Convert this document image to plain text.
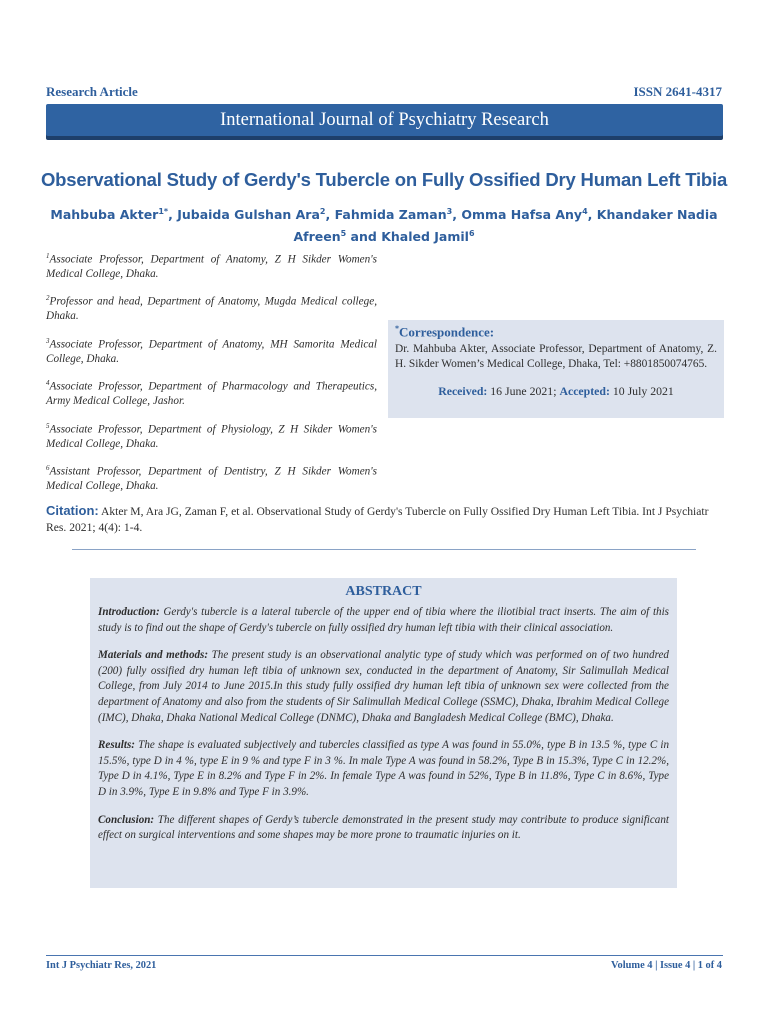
Research Article	ISSN 2641-4317
International Journal of Psychiatry Research
Observational Study of Gerdy's Tubercle on Fully Ossified Dry Human Left Tibia
Mahbuba Akter$^{1*}$, Jubaida Gulshan Ara$^2$, Fahmida Zaman$^3$, Omma Hafsa Any$^4$, Khandaker Nadia Afreen$^5$ and Khaled Jamil$^6$
$^1$Associate Professor, Department of Anatomy, Z H Sikder Women's Medical College, Dhaka.
$^2$Professor and head, Department of Anatomy, Mugda Medical college, Dhaka.
$^3$Associate Professor, Department of Anatomy, MH Samorita Medical College, Dhaka.
$^4$Associate Professor, Department of Pharmacology and Therapeutics, Army Medical College, Jashor.
$^5$Associate Professor, Department of Physiology, Z H Sikder Women's Medical College, Dhaka.
$^6$Assistant Professor, Department of Dentistry, Z H Sikder Women's Medical College, Dhaka.
*Correspondence:
Dr. Mahbuba Akter, Associate Professor, Department of Anatomy, Z. H. Sikder Women’s Medical College, Dhaka, Tel: +8801850074765.
Received: 16 June 2021; Accepted: 10 July 2021
Citation: Akter M, Ara JG, Zaman F, et al. Observational Study of Gerdy's Tubercle on Fully Ossified Dry Human Left Tibia. Int J Psychiatr Res. 2021; 4(4): 1-4.
ABSTRACT

Introduction: Gerdy's tubercle is a lateral tubercle of the upper end of tibia where the iliotibial tract inserts. The aim of this study is to find out the shape of Gerdy's tubercle on fully ossified dry human left tibia with their clinical association.

Materials and methods: The present study is an observational analytic type of study which was performed on of two hundred (200) fully ossified dry human left tibia of unknown sex, conducted in the department of Anatomy, Sir Salimullah Medical College, from July 2014 to June 2015.In this study fully ossified dry human left tibia of unknown sex were collected from the department of Anatomy and also from the students of Sir Salimullah Medical College (SSMC), Dhaka, Ibrahim Medical College (IMC), Dhaka, Dhaka National Medical College (DNMC), Dhaka and Bangladesh Medical College (BMC), Dhaka.

Results: The shape is evaluated subjectively and tubercles classified as type A was found in 55.0%, type B in 13.5 %, type C in 15.5%, type D in 4 %, type E in 9 % and type F in 3 %. In male Type A was found in 58.2%, Type B in 15.3%, Type C in 12.2%, Type D in 4.1%, Type E in 8.2% and Type F in 2%. In female Type A was found in 52%, Type B in 11.8%, Type C in 8.6%, Type D in 3.9%, Type E in 9.8% and Type F in 3.9%.

Conclusion: The different shapes of Gerdy’s tubercle demonstrated in the present study may contribute to produce significant effect on surgical interventions and some shapes may be more prone to traumatic injuries on it.

Int J Psychiatr Res, 2021	Volume 4 | Issue 4 | 1 of 4
